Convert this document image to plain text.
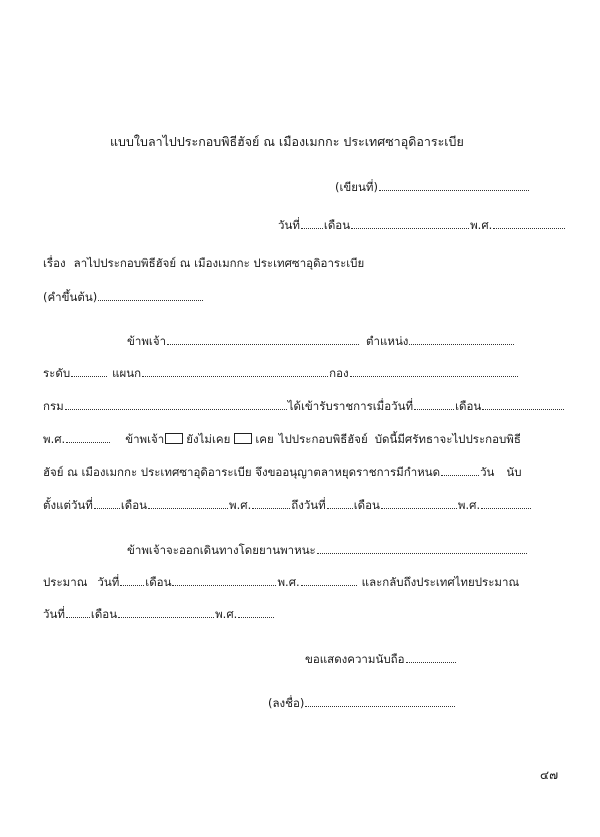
แบบใบลาไปประกอบพิธีฮัจย์ ณ เมืองเมกกะ ประเทศซาอุดิอาระเบีย
(เขียนที่)
วันที่ เดือน	พ.ศ.
เรื่อง ลาไปประกอบพิธีฮัจย์ ณ เมืองเมกกะ ประเทศซาอุดิอาระเบีย
(คำขึ้นต้น)
ข้าพเจ้า	ตำแหน่ง
ระดับ	แผนก	กอง
กรม	ได้เข้ารับราชการเมื่อวันที่	เดือน
พ.ศ.	ข้าพเจ้า ยังไม่เคย เคย ไปประกอบพิธีฮัจย์ บัดนี้มีศรัทธาจะไปประกอบพิธี
ฮัจย์ ณ เมืองเมกกะ ประเทศซาอุดิอาระเบีย จึงขออนุญาตลาหยุดราชการมีกำหนด	วัน นับ
ตั้งแต่วันที่ เดือน	พ.ศ.	ถึงวันที่ เดือน	พ.ศ.
ข้าพเจ้าจะออกเดินทางโดยยานพาหนะ
ประมาณ วันที่ เดือน	พ.ศ.	และกลับถึงประเทศไทยประมาณ
วันที่ เดือน	พ.ศ.
ขอแสดงความนับถือ
(ลงชื่อ)
๔๗
